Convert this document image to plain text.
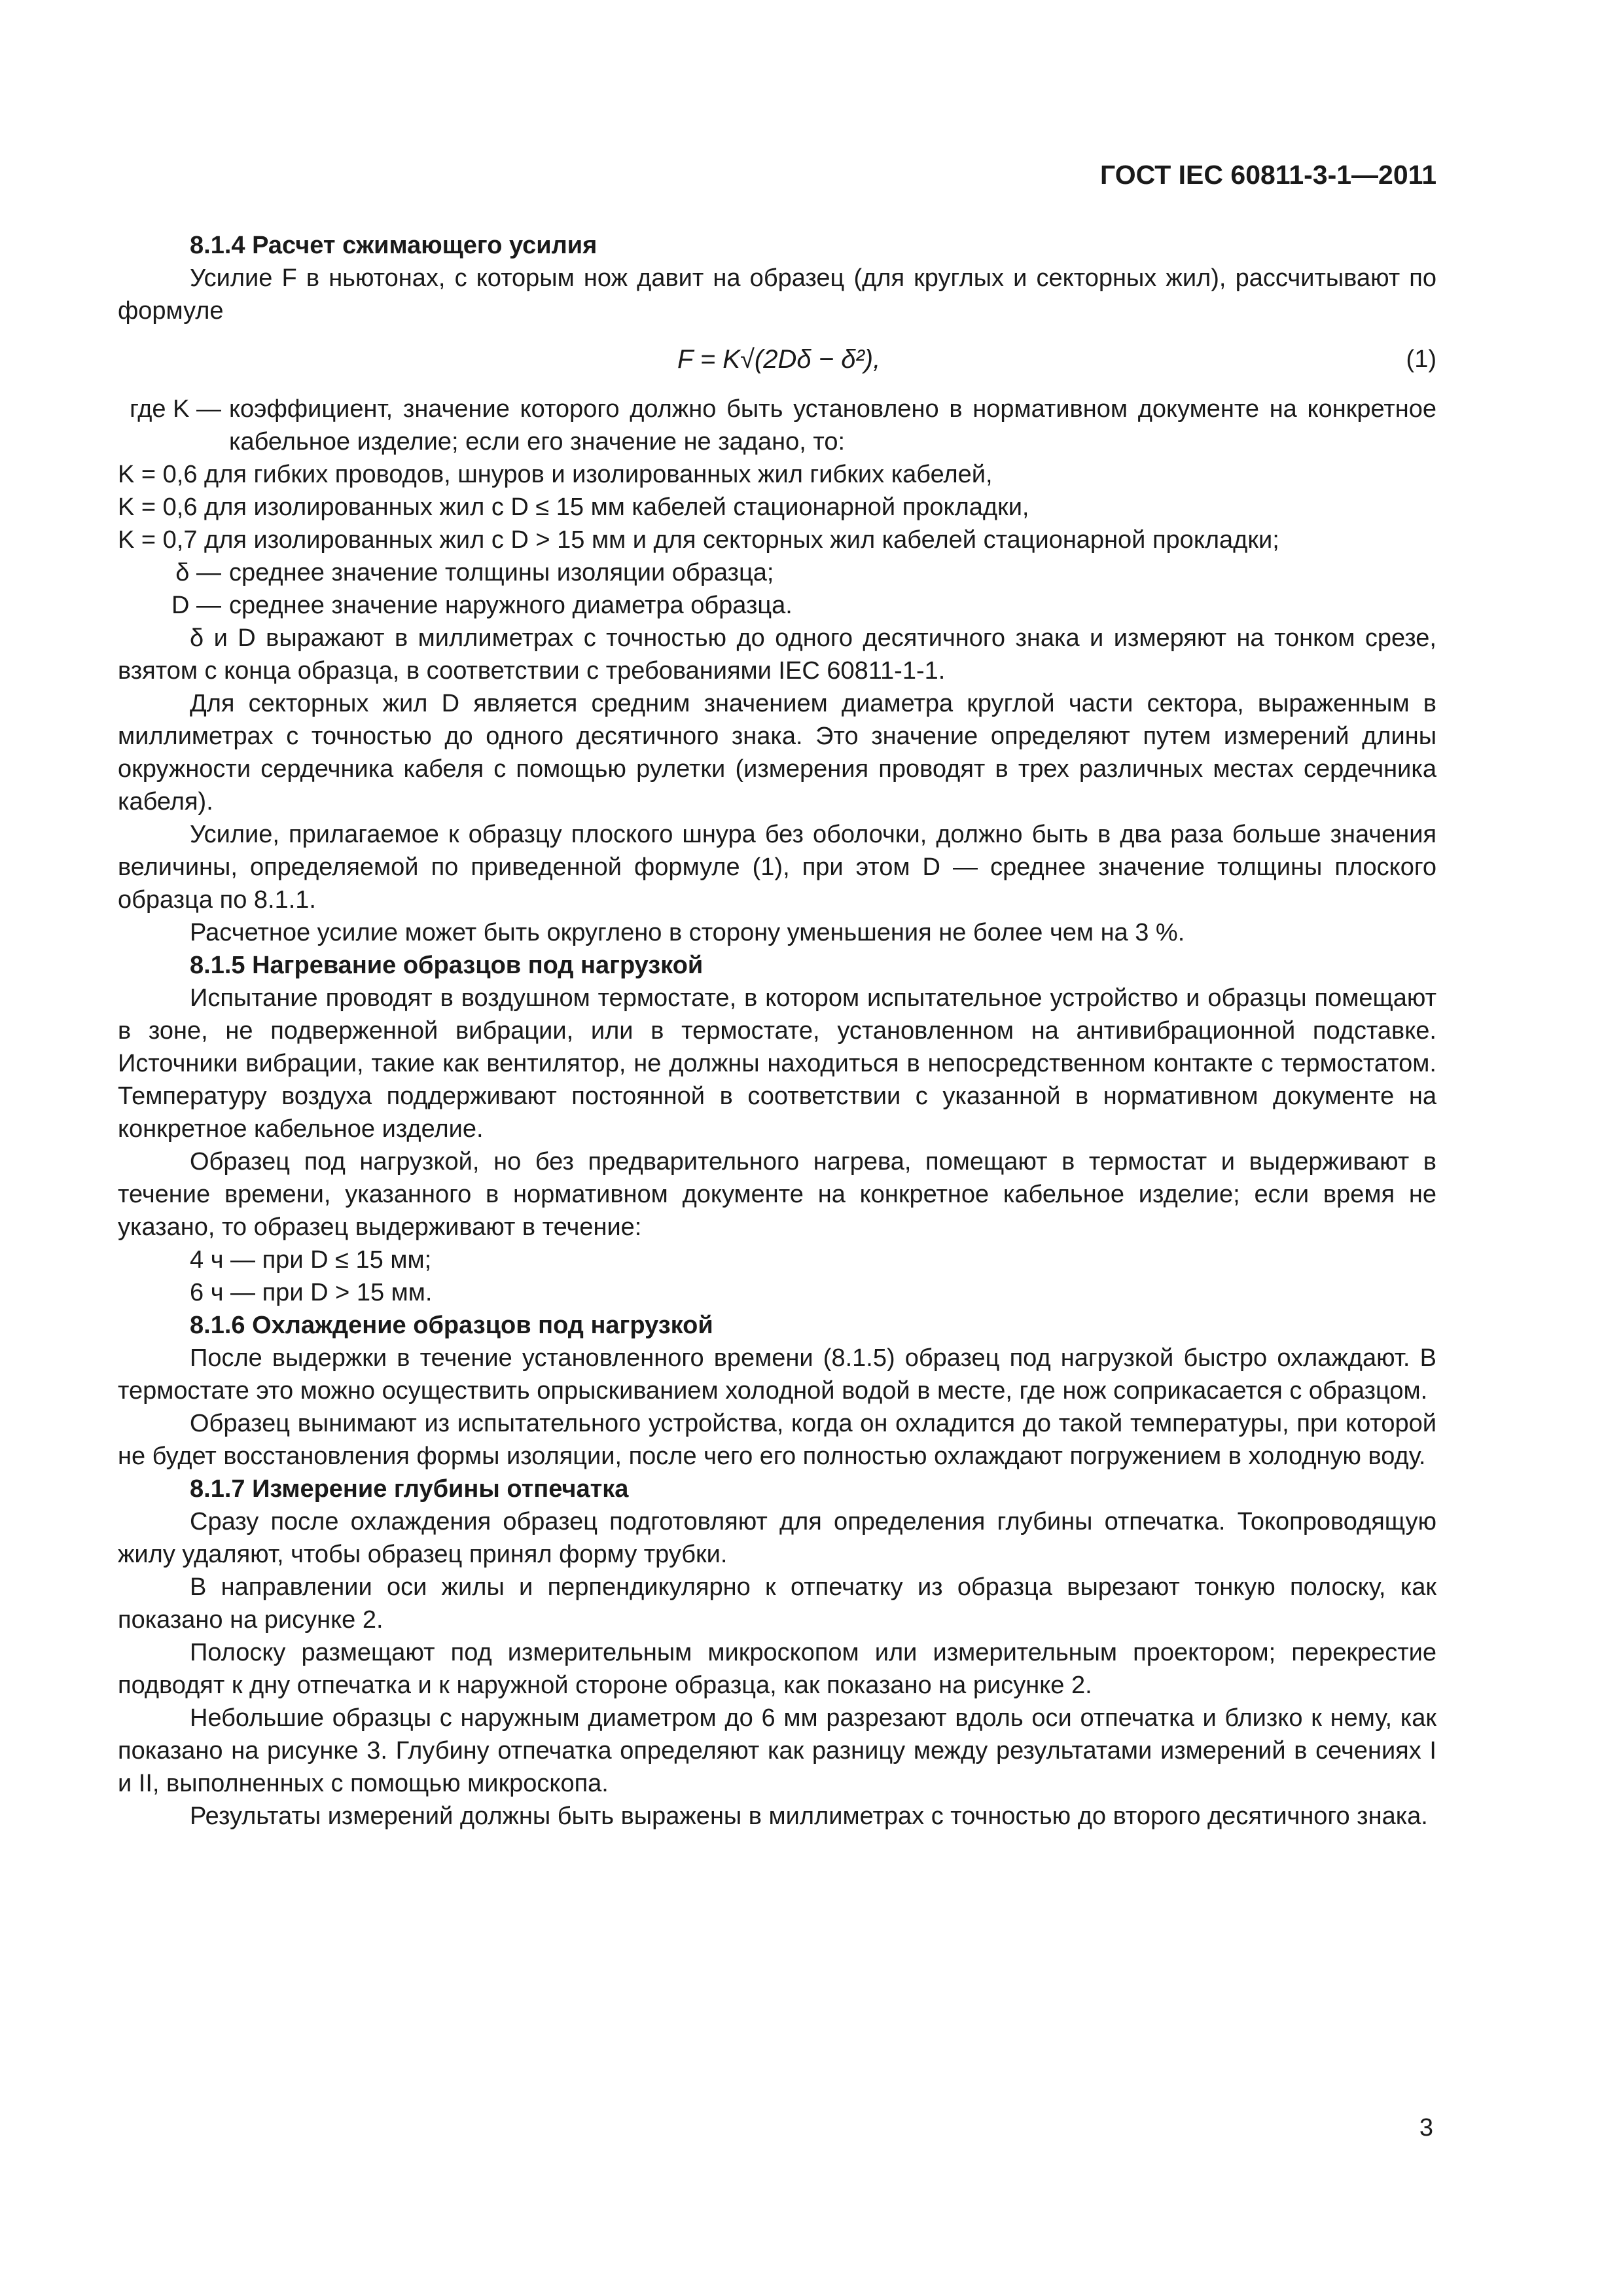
ГОСТ IEC 60811-3-1—2011

8.1.4 Расчет сжимающего усилия

Усилие F в ньютонах, с которым нож давит на образец (для круглых и секторных жил), рассчитывают по формуле

F = K√(2Dδ − δ²),	(1)
где K — коэффициент, значение которого должно быть установлено в нормативном документе на конкретное кабельное изделие; если его значение не задано, то:

K = 0,6 для гибких проводов, шнуров и изолированных жил гибких кабелей,

K = 0,6 для изолированных жил с D ≤ 15 мм кабелей стационарной прокладки,

K = 0,7 для изолированных жил с D > 15 мм и для секторных жил кабелей стационарной прокладки;

δ — среднее значение толщины изоляции образца;
D — среднее значение наружного диаметра образца.

δ и D выражают в миллиметрах с точностью до одного десятичного знака и измеряют на тонком срезе, взятом с конца образца, в соответствии с требованиями IEC 60811-1-1.

Для секторных жил D является средним значением диаметра круглой части сектора, выраженным в миллиметрах с точностью до одного десятичного знака. Это значение определяют путем измерений длины окружности сердечника кабеля с помощью рулетки (измерения проводят в трех различных местах сердечника кабеля).

Усилие, прилагаемое к образцу плоского шнура без оболочки, должно быть в два раза больше значения величины, определяемой по приведенной формуле (1), при этом D — среднее значение толщины плоского образца по 8.1.1.

Расчетное усилие может быть округлено в сторону уменьшения не более чем на 3 %.

8.1.5 Нагревание образцов под нагрузкой

Испытание проводят в воздушном термостате, в котором испытательное устройство и образцы помещают в зоне, не подверженной вибрации, или в термостате, установленном на антивибрационной подставке. Источники вибрации, такие как вентилятор, не должны находиться в непосредственном контакте с термостатом. Температуру воздуха поддерживают постоянной в соответствии с указанной в нормативном документе на конкретное кабельное изделие.

Образец под нагрузкой, но без предварительного нагрева, помещают в термостат и выдерживают в течение времени, указанного в нормативном документе на конкретное кабельное изделие; если время не указано, то образец выдерживают в течение:

4 ч — при D ≤ 15 мм;

6 ч — при D > 15 мм.

8.1.6 Охлаждение образцов под нагрузкой

После выдержки в течение установленного времени (8.1.5) образец под нагрузкой быстро охлаждают. В термостате это можно осуществить опрыскиванием холодной водой в месте, где нож соприкасается с образцом.

Образец вынимают из испытательного устройства, когда он охладится до такой температуры, при которой не будет восстановления формы изоляции, после чего его полностью охлаждают погружением в холодную воду.

8.1.7 Измерение глубины отпечатка

Сразу после охлаждения образец подготовляют для определения глубины отпечатка. Токопроводящую жилу удаляют, чтобы образец принял форму трубки.

В направлении оси жилы и перпендикулярно к отпечатку из образца вырезают тонкую полоску, как показано на рисунке 2.

Полоску размещают под измерительным микроскопом или измерительным проектором; перекрестие подводят к дну отпечатка и к наружной стороне образца, как показано на рисунке 2.

Небольшие образцы с наружным диаметром до 6 мм разрезают вдоль оси отпечатка и близко к нему, как показано на рисунке 3. Глубину отпечатка определяют как разницу между результатами измерений в сечениях I и II, выполненных с помощью микроскопа.

Результаты измерений должны быть выражены в миллиметрах с точностью до второго десятичного знака.

3
